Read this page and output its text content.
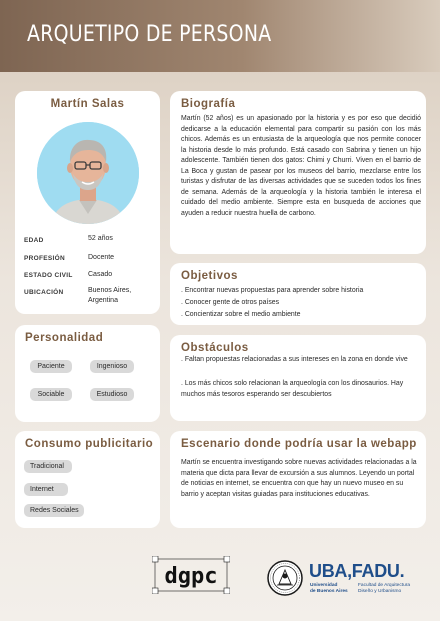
ARQUETIPO DE PERSONA
Martín Salas
EDAD	52 años
PROFESIÓN	Docente
ESTADO CIVIL Casado
UBICACIÓN	Buenos Aires, Argentina
Personalidad
Paciente	Ingenioso
Sociable	Estudioso
Consumo publicitario
Tradicional
Internet
Redes Sociales
Biografía
Martín (52 años) es un apasionado por la historia y es por eso que decidió dedicarse a la educación elemental para compartir su pasión con los más chicos. Además es un entusiasta de la arqueología que nos permite conocer la historia desde lo más profundo. Está casado con Sabrina y tienen un hijo adolescente. También tienen dos gatos: Chimi y Churri. Viven en el barrio de La Boca y gustan de pasear por los museos del barrio, mezclarse entre los turistas y disfrutar de las diversas actividades que se suceden todos los fines de semana. Además de la arqueología y la historia también le interesa el cuidado del medio ambiente. Siempre esta en busqueda de acciones que ayuden a reducir nuestra huella de carbono.
Objetivos
. Encontrar nuevas propuestas para aprender sobre historia
. Conocer gente de otros países
. Concientizar sobre el medio ambiente
Obstáculos
. Faltan propuestas relacionadas a sus intereses en la zona en donde vive
. Los más chicos solo relacionan la arqueología con los dinosaurios. Hay muchos más tesoros esperando ser descubiertos
Escenario donde podría usar la webapp
Martín se encuentra investigando sobre nuevas actividades relacionadas a la materia que dicta para llevar de excursión a sus alumnos. Leyendo un portal de noticias en internet, se encuentra con que hay un nuevo museo en su barrio y aceptan visitas guiadas para instituciones educativas.
dgpc	UBA,FADU.
Universidad
de Buenos Aires
Facultad de Arquitectura
Diseño y Urbanismo
